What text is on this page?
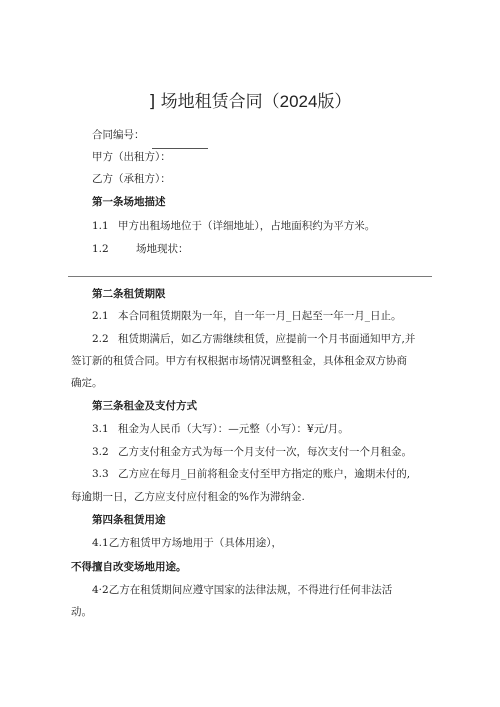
] 场地租赁合同（2024版）
合同编号：
甲方（出租方）：
乙方（承租方）：
第一条场地描述
1.1 甲方出租场地位于（详细地址），占地面积约为平方米。
1.2	场地现状：
第二条租赁期限
2.1 本合同租赁期限为一年，自一年一月_日起至一年一月_日止。
2.2 租赁期满后，如乙方需继续租赁，应提前一个月书面通知甲方,并
签订新的租赁合同。甲方有权根据市场情况调整租金，具体租金双方协商
确定。
第三条租金及支付方式
3.1 租金为人民币（大写）：—元整（小写）：¥元/月。
3.2 乙方支付租金方式为每一个月支付一次，每次支付一个月租金。
3.3 乙方应在每月_日前将租金支付至甲方指定的账户，逾期未付的,
每逾期一日，乙方应支付应付租金的%作为滞纳金.
第四条租赁用途
4.1乙方租赁甲方场地用于（具体用途），
不得擅自改变场地用途。
4·2乙方在租赁期间应遵守国家的法律法规，不得进行任何非法活
动。
